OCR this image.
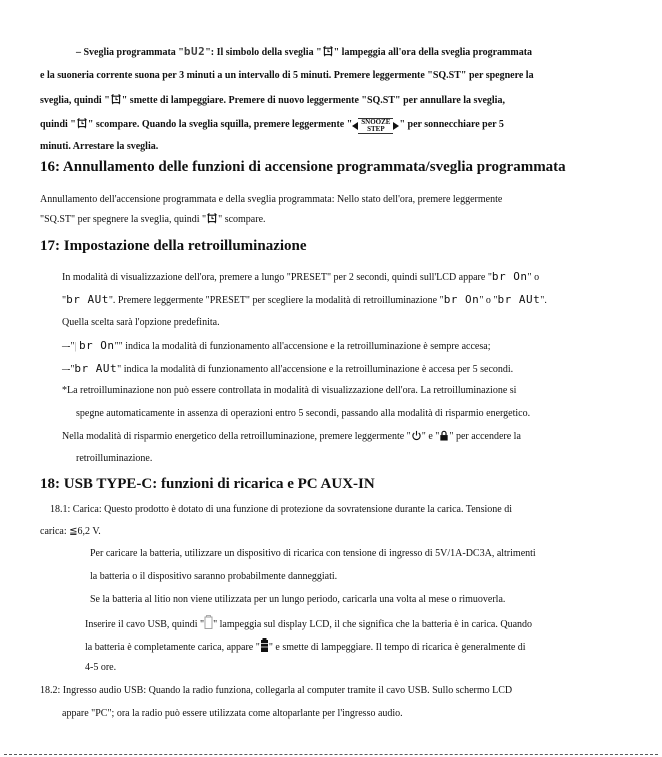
– Sveglia programmata "bU2": Il simbolo della sveglia " " lampeggia all'ora della sveglia programmata
e la suoneria corrente suona per 3 minuti a un intervallo di 5 minuti. Premere leggermente "SQ.ST" per spegnere la
sveglia, quindi " " smette di lampeggiare. Premere di nuovo leggermente "SQ.ST" per annullare la sveglia,
quindi " " scompare. Quando la sveglia squilla, premere leggermente " SNOOZE
STEP	" per sonnecchiare per 5
minuti. Arrestare la sveglia.
16: Annullamento delle funzioni di accensione programmata/sveglia programmata
Annullamento dell'accensione programmata e della sveglia programmata: Nello stato dell'ora, premere leggermente
"SQ.ST" per spegnere la sveglia, quindi " " scompare.
17: Impostazione della retroilluminazione
In modalità di visualizzazione dell'ora, premere a lungo "PRESET" per 2 secondi, quindi sull'LCD appare "br On" o
"br AUt". Premere leggermente "PRESET" per scegliere la modalità di retroilluminazione "br On" o "br AUt".
Quella scelta sarà l'opzione predefinita.
–-"| br On"" indica la modalità di funzionamento all'accensione e la retroilluminazione è sempre accesa;
–-"br AUt" indica la modalità di funzionamento all'accensione e la retroilluminazione è accesa per 5 secondi.
*La retroilluminazione non può essere controllata in modalità di visualizzazione dell'ora. La retroilluminazione si
spegne automaticamente in assenza di operazioni entro 5 secondi, passando alla modalità di risparmio energetico.
Nella modalità di risparmio energetico della retroilluminazione, premere leggermente " " e " " per accendere la
retroilluminazione.
18: USB TYPE-C: funzioni di ricarica e PC AUX-IN
18.1: Carica: Questo prodotto è dotato di una funzione di protezione da sovratensione durante la carica. Tensione di
carica: ≦6,2 V.
Per caricare la batteria, utilizzare un dispositivo di ricarica con tensione di ingresso di 5V/1A-DC3A, altrimenti
la batteria o il dispositivo saranno probabilmente danneggiati.
Se la batteria al litio non viene utilizzata per un lungo periodo, caricarla una volta al mese o rimuoverla.
Inserire il cavo USB, quindi " " lampeggia sul display LCD, il che significa che la batteria è in carica. Quando
la batteria è completamente carica, appare " " e smette di lampeggiare. Il tempo di ricarica è generalmente di
4-5 ore.
18.2: Ingresso audio USB: Quando la radio funziona, collegarla al computer tramite il cavo USB. Sullo schermo LCD
appare "PC"; ora la radio può essere utilizzata come altoparlante per l'ingresso audio.
